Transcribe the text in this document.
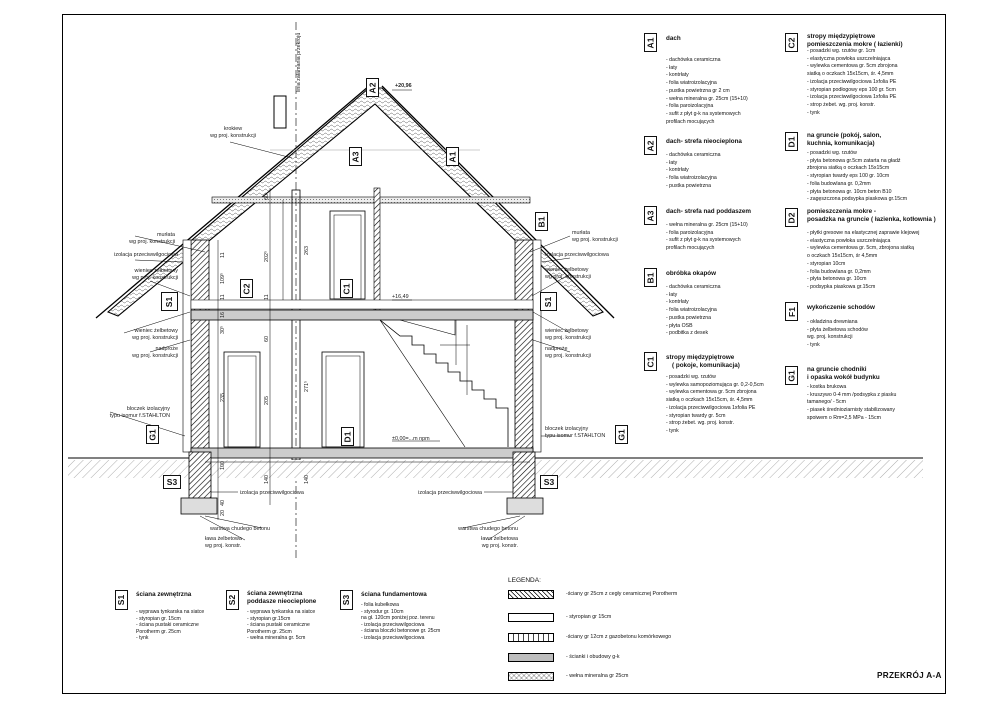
linia załamania przekroju	+20,96
+16,49
±0,00=...m npm
krokiew
wg proj. konstrukcji
murłata
wg proj. konstrukcji
izolacja przeciwwilgociowa
wieniec żelbetowy
wg proj. konstrukcji
wieniec żelbetowy
wg proj. konstrukcji
nadproże
wg proj. konstrukcji
bloczek izolacyjny
typu isomur f.STAHLTON
murłata
wg proj. konstrukcji
izolacja przeciwwilgociowa
wieniec żelbetowy
wg proj. konstrukcji
wieniec żelbetowy
wg proj. konstrukcji
nadproże
wg proj. konstrukcji
bloczek izolacyjny
typu isomur f.STAHLTON
izolacja przeciwwilgociowa	izolacja przeciwwilgociowa
warstwa chudego betonu
ława żelbetowa
wg proj. konstr.
warstwa chudego betonu
ława żelbetowa
wg proj. konstr.
60
263
202⁵
109⁵
11	11
11
16
30⁵
60
235	205
271⁵
100
140	140
40
20
A2
A3	A1
B1
C2	C1
S1	S1
D1
G1	G1
S3	S3
A1 dach
- dachówka ceramiczna
- łaty
- kontrłaty
- folia wiatroizolacyjna
- pustka powietrzna gr 2 cm
- wełna mineralna gr. 25cm (15+10)
- folia paroizolacyjna
- sufit z płyt g-k na systemowych
profilach mocujących
A2 dach- strefa nieocieplona
- dachówka ceramiczna
- łaty
- kontrłaty
- folia wiatroizolacyjna
- pustka powietrzna
A3 dach- strefa nad poddaszem
- wełna mineralna gr. 25cm (15+10)
- folia paroizolacyjna
- sufit z płyt g-k na systemowych
profilach mocujących
B1 obróbka okapów
- dachówka ceramiczna
- łaty
- kontrłaty
- folia wiatroizolacyjna
- pustka powietrzna
- płyta OSB
- podbitka z desek
C1 stropy międzypiętrowe
( pokoje, komunikacja)
- posadzki wg. rzutów
- wylewka samopoziomująca gr. 0,2-0,5cm
- wylewka cementowa gr. 5cm zbrojona
siatką o oczkach 15x15cm, śr. 4,5mm
- izolacja przeciwwilgociowa 1xfolia PE
- styropian twardy gr. 5cm
- strop żebet. wg. proj. konstr.
- tynk
C2
stropy międzypiętrowe
pomieszczenia mokre ( łazienki)
- posadzki wg. rzutów gr. 1cm
- elastyczna powłoka uszczelniająca
- wylewka cementowa gr. 5cm zbrojona
siatką o oczkach 15x15cm, śr. 4,5mm
- izolacja przeciwwilgociowa 1xfolia PE
- styropian podłogowy eps 100 gr. 5cm
- izolacja przeciwwilgociowa 1xfolia PE
- strop żebet. wg. proj. konstr.
- tynk
D1
na gruncie (pokój, salon,
kuchnia, komunikacja)
- posadzki wg. rzutów
- płyta betonowa gr.5cm zatarta na gładź
zbrojona siatką o oczkach 15x15cm
- styropian twardy eps 100 gr. 10cm
- folia budowlana gr. 0,2mm
- płyta betonowa gr. 10cm beton B10
- zagęszczona podsypka piaskowa gr.15cm
D2
pomieszczenia mokre -
posadzka na gruncie ( łazienka, kotłownia )
- płytki gresowe na elastycznej zaprawie klejowej
- elastyczna powłoka uszczelniająca
- wylewka cementowa gr. 5cm, zbrojona siatką
o oczkach 15x15cm, śr 4,5mm
- styropian 10cm
- folia budowlana gr. 0,2mm
- płyta betonowa gr. 10cm
- podsypka piaskowa gr.15cm
F1 wykończenie schodów
- okładzina drewniana
- płyta żelbetowa schodów
wg. proj. konstrukcji
- tynk
G1
na gruncie chodniki
i opaska wokół budynku
- kostka brukowa
- kruszywo 0-4 mm /podsypka z piasku
tamanego/ - 5cm
- piasek średnioziarnisty stabilizowany
spoiwem o Rm=2,5 MPa - 15cm
S1
ściana zewnętrzna
- wyprawa tynkarska na siatce
- styropian gr. 15cm
- ściana pustaki ceramiczne
Porotherm gr. 25cm
- tynk
S2
ściana zewnętrzna
poddasze nieocieplone
- wyprawa tynkarska na siatce
- styropian gr.15cm
- ściana pustaki ceramiczne
Porotherm gr. 25cm
- wełna mineralna gr. 5cm
S3
ściana fundamentowa
- folia kubełkowa
- styrodur gr. 10cm
na gł. 120cm poniżej poz. terenu
- izolacja przeciwwilgociowa
- ściana bloczki betonowe gr. 25cm
- izolacja przeciwwilgociowa
LEGENDA:
-ściany gr 25cm z cegły ceramicznej Porotherm
- styropian gr 15cm
-ściany gr 12cm z gazobetonu komórkowego
- ścianki i obudowy g-k
- wełna mineralna gr 25cm	PRZEKRÓJ A-A
